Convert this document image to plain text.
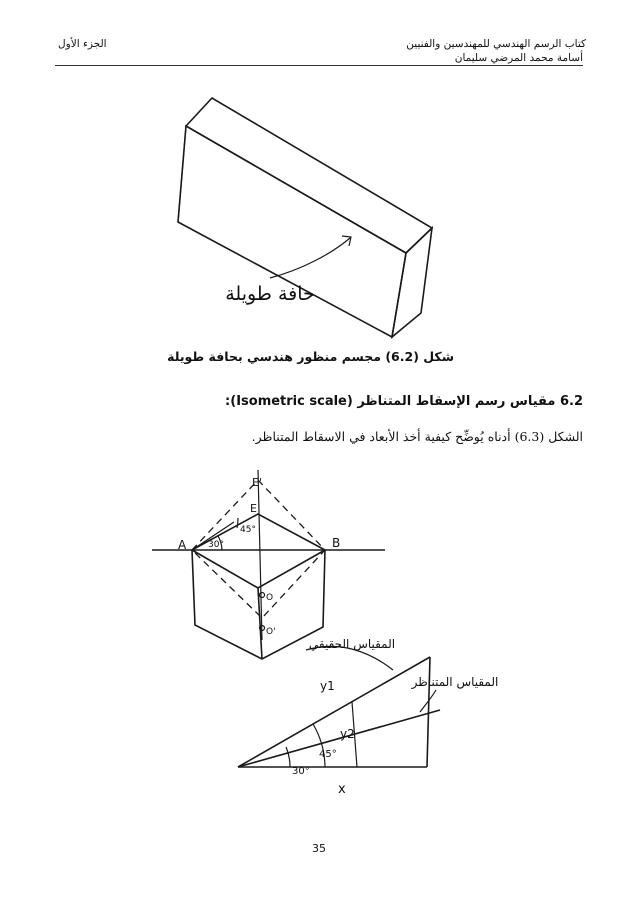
كتاب الرسم الهندسي للمهندسين والفنيين
أسامة محمد المرضي سليمان
الجزء الأول
حافة طويلة
شكل (6.2) مجسم منظور هندسي بحافة طويلة
6.2 مقياس رسم الإسقاط المتناظر (Isometric scale):
الشكل (6.3) أدناه يُوضِّح كيفية أخذ الأبعاد في الاسقاط المتناظر.
E'
E
A	B
30°
45°
O
O'
y1
y2
30°
45°
x
المقياس الحقيقي
المقياس المتناظر
35
